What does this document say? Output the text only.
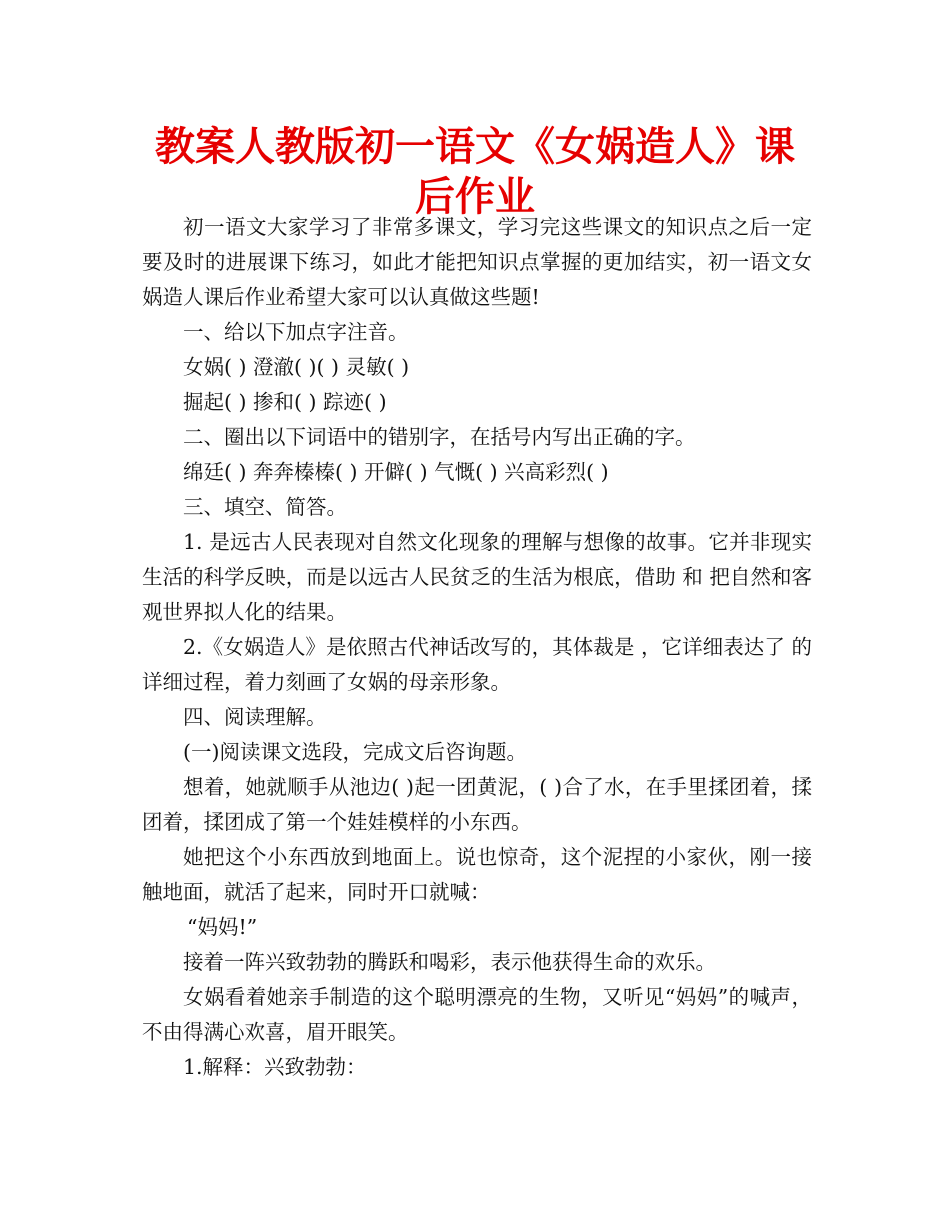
教案人教版初一语文《女娲造人》课后作业

初一语文大家学习了非常多课文，学习完这些课文的知识点之后一定要及时的进展课下练习，如此才能把知识点掌握的更加结实，初一语文女娲造人课后作业希望大家可以认真做这些题!

一、给以下加点字注音。

女娲( ) 澄澈( )( ) 灵敏( )

掘起( ) 掺和( ) 踪迹( )

二、圈出以下词语中的错别字，在括号内写出正确的字。

绵廷( ) 奔奔榛榛( ) 开僻( ) 气慨( ) 兴高彩烈( )

三、填空、简答。

1. 是远古人民表现对自然文化现象的理解与想像的故事。它并非现实生活的科学反映，而是以远古人民贫乏的生活为根底，借助 和 把自然和客观世界拟人化的结果。

2.《女娲造人》是依照古代神话改写的，其体裁是 ，它详细表达了 的详细过程，着力刻画了女娲的母亲形象。

四、阅读理解。

(一)阅读课文选段，完成文后咨询题。

想着，她就顺手从池边( )起一团黄泥，( )合了水，在手里揉团着，揉团着，揉团成了第一个娃娃模样的小东西。

她把这个小东西放到地面上。说也惊奇，这个泥捏的小家伙，刚一接触地面，就活了起来，同时开口就喊：

“妈妈!”

接着一阵兴致勃勃的腾跃和喝彩，表示他获得生命的欢乐。

女娲看着她亲手制造的这个聪明漂亮的生物，又听见“妈妈”的喊声，不由得满心欢喜，眉开眼笑。

1.解释：兴致勃勃：
